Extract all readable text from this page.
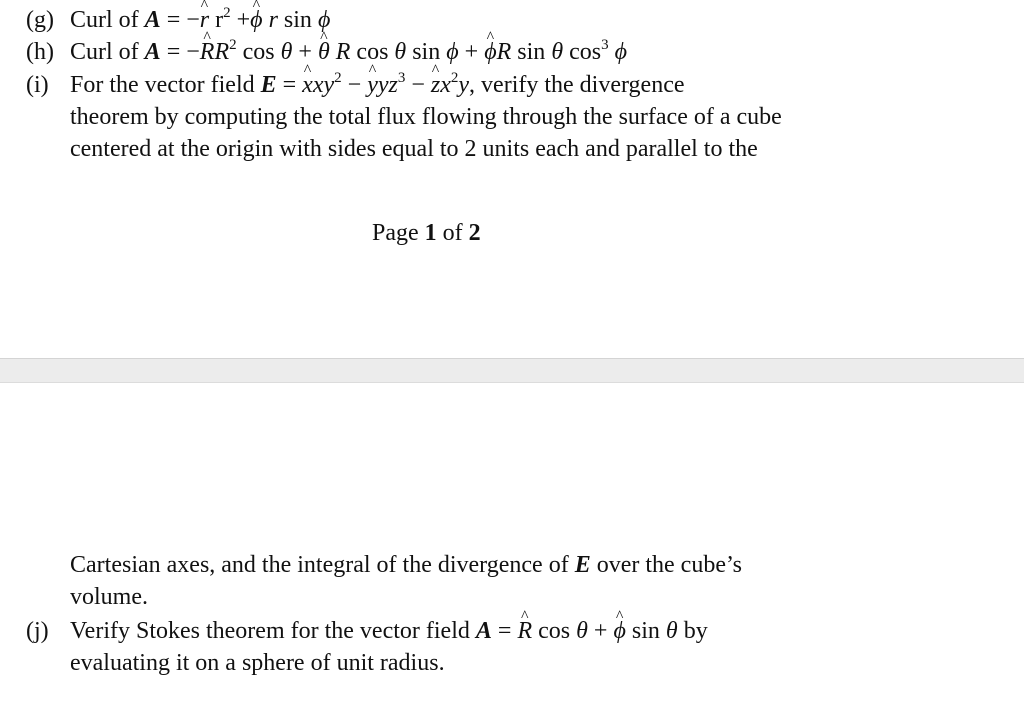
(g) Curl of A = −r ^ $r^2 +\phi$ ^ r sin ϕ
(h) Curl of A = −R $\^{}R^2$ cos θ + θ ^ R cos θ sin ϕ + ϕ ^R sin θ $\cos^3 \phi$
(i) For the vector field E = x $\^{}xy^2 - y$ $\^{}yz^3 - z$ $\^{}x^2y$, verify the divergence
theorem by computing the total flux flowing through the surface of a cube
centered at the origin with sides equal to 2 units each and parallel to the
Page 1 of 2
Cartesian axes, and the integral of the divergence of E over the cube’s
volume.
(j) Verify Stokes theorem for the vector field A = R ^ cos θ + ϕ ^ sin θ by
evaluating it on a sphere of unit radius.
